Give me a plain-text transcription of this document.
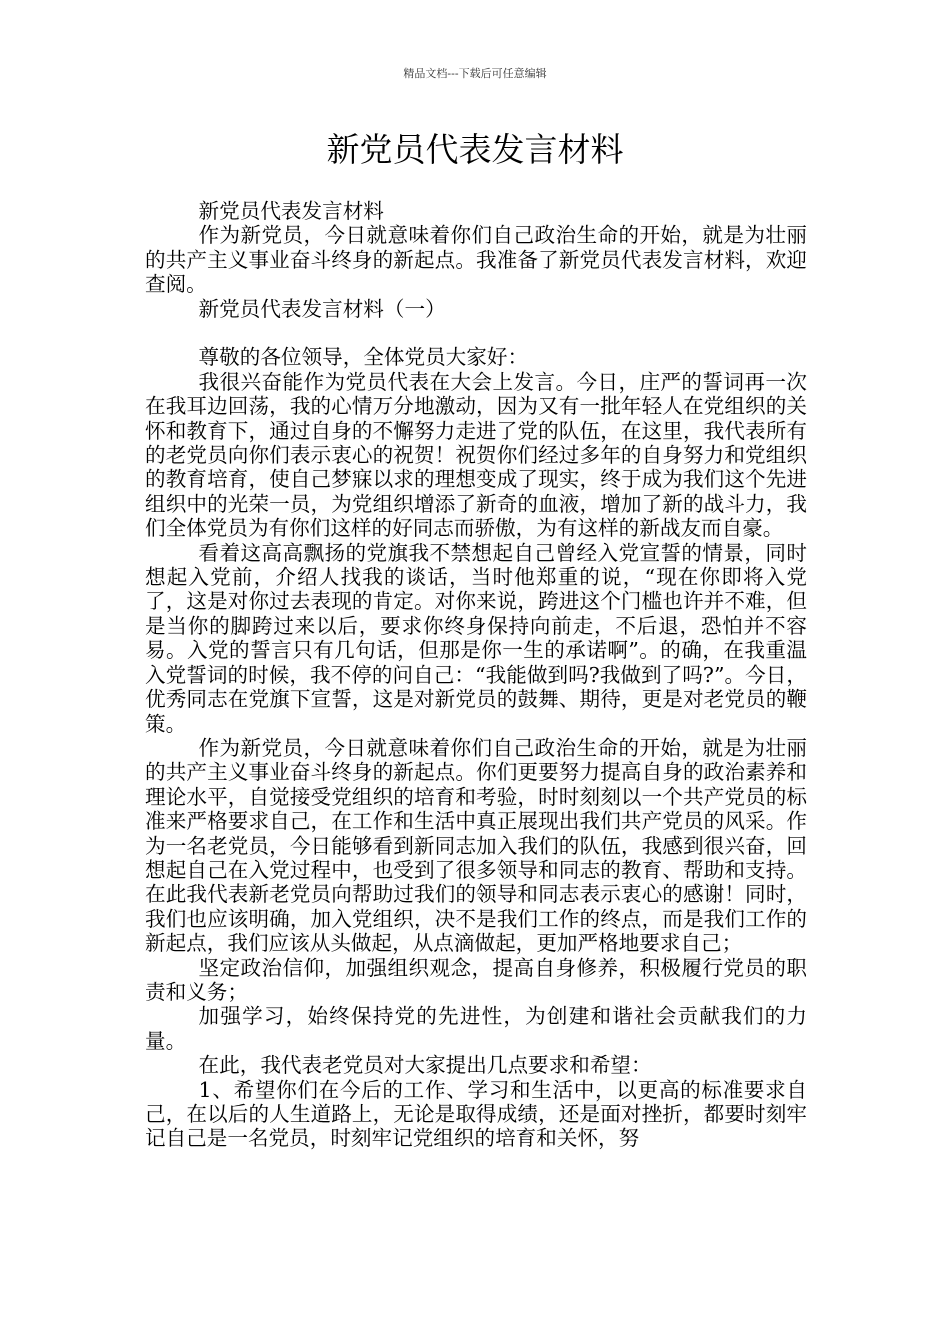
精品文档---下载后可任意编辑
新党员代表发言材料

新党员代表发言材料

作为新党员，今日就意味着你们自己政治生命的开始，就是为壮丽的共产主义事业奋斗终身的新起点。我准备了新党员代表发言材料，欢迎查阅。

新党员代表发言材料（一）

尊敬的各位领导，全体党员大家好：

我很兴奋能作为党员代表在大会上发言。今日，庄严的誓词再一次在我耳边回荡，我的心情万分地激动，因为又有一批年轻人在党组织的关怀和教育下，通过自身的不懈努力走进了党的队伍，在这里，我代表所有的老党员向你们表示衷心的祝贺！祝贺你们经过多年的自身努力和党组织的教育培育，使自己梦寐以求的理想变成了现实，终于成为我们这个先进组织中的光荣一员，为党组织增添了新奇的血液，增加了新的战斗力，我们全体党员为有你们这样的好同志而骄傲，为有这样的新战友而自豪。

看着这高高飘扬的党旗我不禁想起自己曾经入党宣誓的情景，同时想起入党前，介绍人找我的谈话，当时他郑重的说，“现在你即将入党了，这是对你过去表现的肯定。对你来说，跨进这个门槛也许并不难，但是当你的脚跨过来以后，要求你终身保持向前走，不后退，恐怕并不容易。入党的誓言只有几句话，但那是你一生的承诺啊”。的确，在我重温入党誓词的时候，我不停的问自己：“我能做到吗?我做到了吗?”。今日，优秀同志在党旗下宣誓，这是对新党员的鼓舞、期待，更是对老党员的鞭策。

作为新党员，今日就意味着你们自己政治生命的开始，就是为壮丽的共产主义事业奋斗终身的新起点。你们更要努力提高自身的政治素养和理论水平，自觉接受党组织的培育和考验，时时刻刻以一个共产党员的标准来严格要求自己，在工作和生活中真正展现出我们共产党员的风采。作为一名老党员，今日能够看到新同志加入我们的队伍，我感到很兴奋，回想起自己在入党过程中，也受到了很多领导和同志的教育、帮助和支持。在此我代表新老党员向帮助过我们的领导和同志表示衷心的感谢！同时，我们也应该明确，加入党组织，决不是我们工作的终点，而是我们工作的新起点，我们应该从头做起，从点滴做起，更加严格地要求自己；

坚定政治信仰，加强组织观念，提高自身修养，积极履行党员的职责和义务；

加强学习，始终保持党的先进性，为创建和谐社会贡献我们的力量。

在此，我代表老党员对大家提出几点要求和希望：

1、希望你们在今后的工作、学习和生活中，以更高的标准要求自己，在以后的人生道路上，无论是取得成绩，还是面对挫折，都要时刻牢记自己是一名党员，时刻牢记党组织的培育和关怀，努
